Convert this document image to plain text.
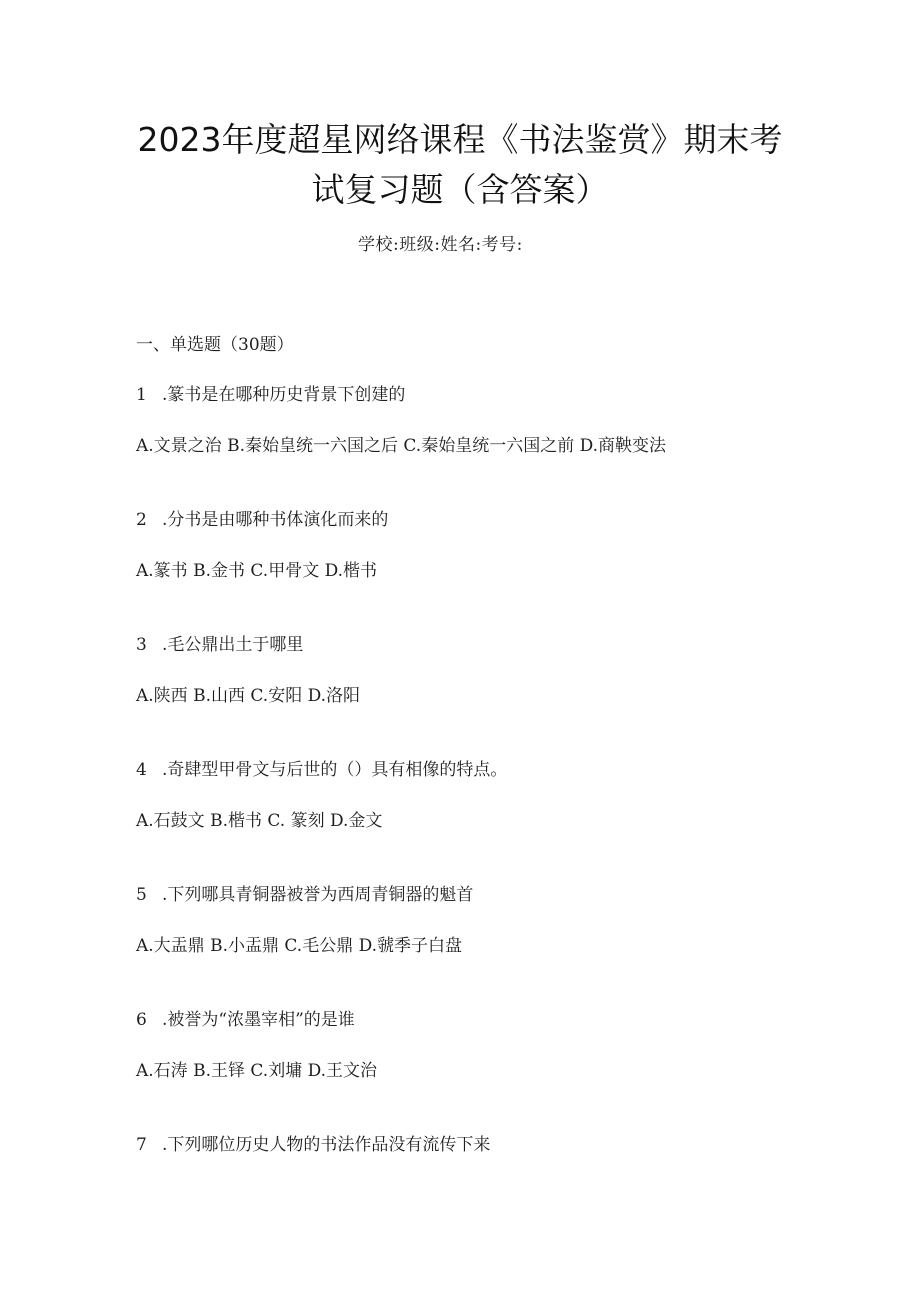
2023年度超星网络课程《书法鉴赏》期末考
试复习题（含答案）
学校:班级:姓名:考号:
一、单选题（30题）
1 .篆书是在哪种历史背景下创建的
A.文景之治 B.秦始皇统一六国之后 C.秦始皇统一六国之前 D.商鞅变法
2 .分书是由哪种书体演化而来的
A.篆书 B.金书 C.甲骨文 D.楷书
3 .毛公鼎出土于哪里
A.陕西 B.山西 C.安阳 D.洛阳
4 .奇肆型甲骨文与后世的（）具有相像的特点。
A.石鼓文 B.楷书 C. 篆刻 D.金文
5 .下列哪具青铜器被誉为西周青铜器的魁首
A.大盂鼎 B.小盂鼎 C.毛公鼎 D.虢季子白盘
6 .被誉为“浓墨宰相”的是谁
A.石涛 B.王铎 C.刘墉 D.王文治
7 .下列哪位历史人物的书法作品没有流传下来
